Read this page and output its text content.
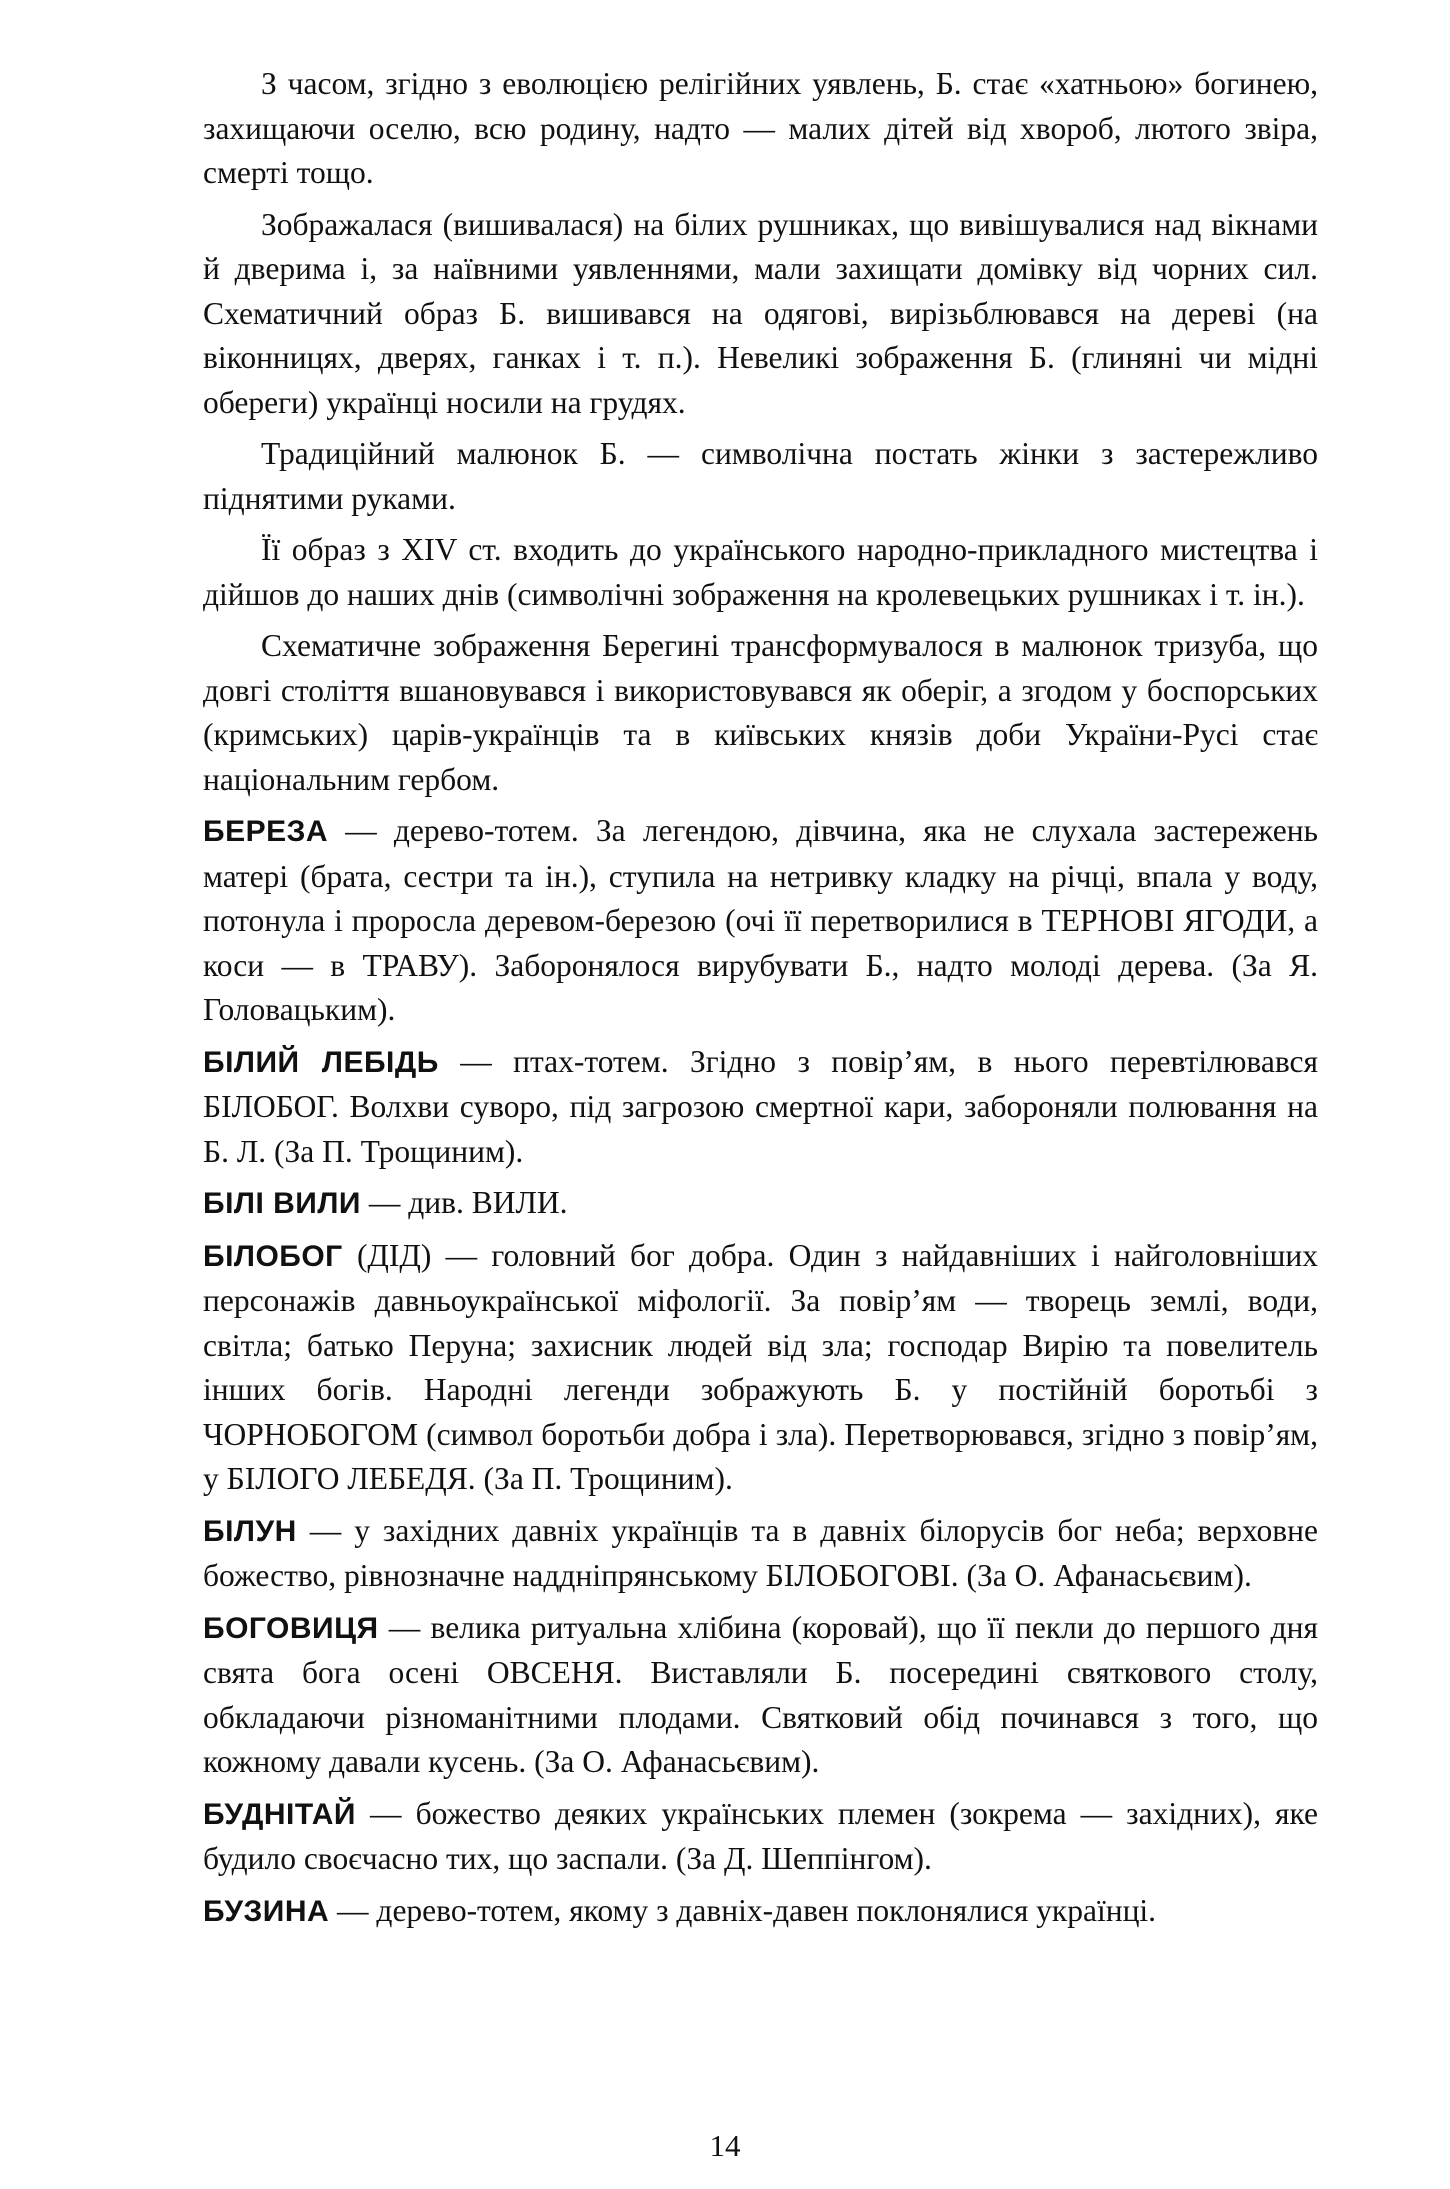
З часом, згідно з еволюцією релігійних уявлень, Б. стає «хатньою» богинею, захищаючи оселю, всю родину, надто — малих дітей від хвороб, лютого звіра, смерті тощо.

Зображалася (вишивалася) на білих рушниках, що вивішувалися над вікнами й дверима і, за наївними уявленнями, мали захищати домівку від чорних сил. Схематичний образ Б. вишивався на одягові, вирізьблювався на дереві (на віконницях, дверях, ганках і т. п.). Невеликі зображення Б. (глиняні чи мідні обереги) українці носили на грудях.

Традиційний малюнок Б. — символічна постать жінки з застережливо піднятими руками.

Її образ з XIV ст. входить до українського народно-прикладного мистецтва і дійшов до наших днів (символічні зображення на кролевецьких рушниках і т. ін.).

Схематичне зображення Берегині трансформувалося в малюнок тризуба, що довгі століття вшановувався і використовувався як оберіг, а згодом у боспорських (кримських) царів-українців та в київських князів доби України-Русі стає національним гербом.

БЕРЕЗА — дерево-тотем. За легендою, дівчина, яка не слухала застережень матері (брата, сестри та ін.), ступила на нетривку кладку на річці, впала у воду, потонула і проросла деревом-березою (очі її перетворилися в ТЕРНОВІ ЯГОДИ, а коси — в ТРАВУ). Заборонялося вирубувати Б., надто молоді дерева. (За Я. Головацьким).

БІЛИЙ ЛЕБІДЬ — птах-тотем. Згідно з повір’ям, в нього перевтілювався БІЛОБОГ. Волхви суворо, під загрозою смертної кари, забороняли полювання на Б. Л. (За П. Трощиним).

БІЛІ ВИЛИ — див. ВИЛИ.

БІЛОБОГ (ДІД) — головний бог добра. Один з найдавніших і найголовніших персонажів давньоукраїнської міфології. За повір’ям — творець землі, води, світла; батько Перуна; захисник людей від зла; господар Вирію та повелитель інших богів. Народні легенди зображують Б. у постійній боротьбі з ЧОРНОБОГОМ (символ боротьби добра і зла). Перетворювався, згідно з повір’ям, у БІЛОГО ЛЕБЕДЯ. (За П. Трощиним).

БІЛУН — у західних давніх українців та в давніх білорусів бог неба; верховне божество, рівнозначне наддніпрянському БІЛОБОГОВІ. (За О. Афанасьєвим).

БОГОВИЦЯ — велика ритуальна хлібина (коровай), що її пекли до першого дня свята бога осені ОВСЕНЯ. Виставляли Б. посередині святкового столу, обкладаючи різноманітними плодами. Святковий обід починався з того, що кожному давали кусень. (За О. Афанасьєвим).

БУДНІТАЙ — божество деяких українських племен (зокрема — західних), яке будило своєчасно тих, що заспали. (За Д. Шеппінгом).

БУЗИНА — дерево-тотем, якому з давніх-давен поклонялися українці.

14
